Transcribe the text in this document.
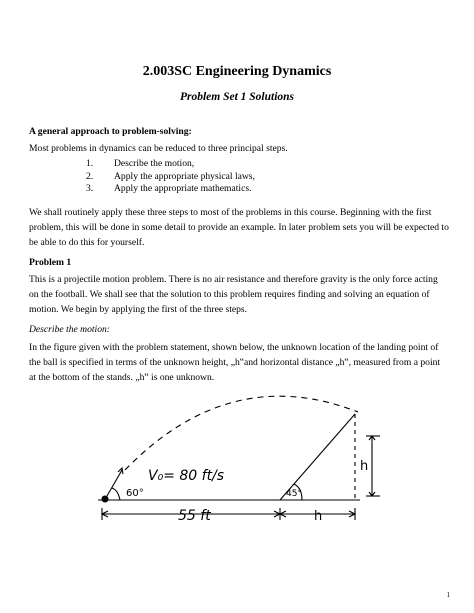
2.003SC Engineering Dynamics
Problem Set 1 Solutions

A general approach to problem-solving:

Most problems in dynamics can be reduced to three principal steps.

1.	Describe the motion,
2.	Apply the appropriate physical laws,
3.	Apply the appropriate mathematics.

We shall routinely apply these three steps to most of the problems in this course. Beginning with the first problem, this will be done in some detail to provide an example. In later problem sets you will be expected to be able to do this for yourself.

Problem 1

This is a projectile motion problem. There is no air resistance and therefore gravity is the only force acting on the football. We shall see that the solution to this problem requires finding and solving an equation of motion. We begin by applying the first of the three steps.

Describe the motion:

In the figure given with the problem statement, shown below, the unknown location of the landing point of the ball is specified in terms of the unknown height, „h‟and horizontal distance „h‟, measured from a point at the bottom of the stands. „h‟ is one unknown.

60°
V₀= 80 ft/s
55 ft
45°
h
h
1
